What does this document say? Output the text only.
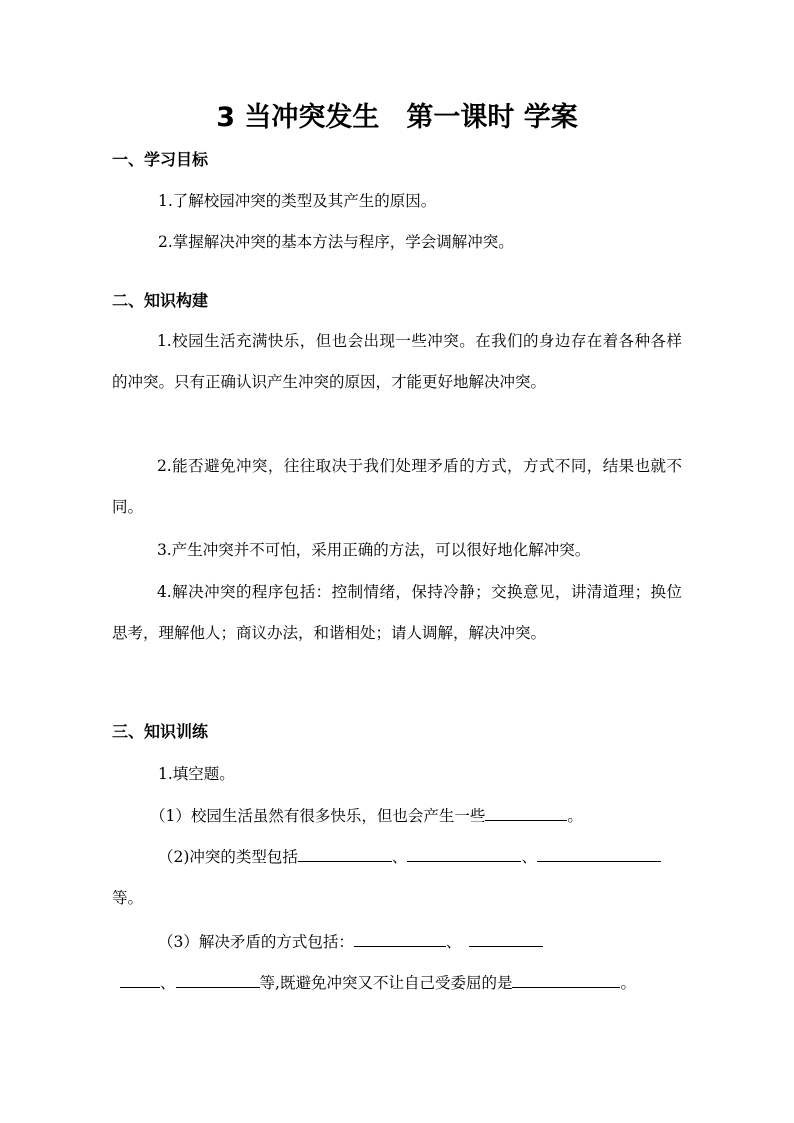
3 当冲突发生　第一课时 学案
一、学习目标
1.了解校园冲突的类型及其产生的原因。
2.掌握解决冲突的基本方法与程序，学会调解冲突。
二、知识构建
1.校园生活充满快乐，但也会出现一些冲突。在我们的身边存在着各种各样的冲突。只有正确认识产生冲突的原因，才能更好地解决冲突。
2.能否避免冲突，往往取决于我们处理矛盾的方式，方式不同，结果也就不同。
3.产生冲突并不可怕，采用正确的方法，可以很好地化解冲突。
4.解决冲突的程序包括：控制情绪，保持冷静；交换意见，讲清道理；换位思考，理解他人；商议办法，和谐相处；请人调解，解决冲突。
三、知识训练
1.填空题。
（1）校园生活虽然有很多快乐，但也会产生一些	。
（2)冲突的类型包括	、	、
等。
（3）解决矛盾的方式包括：	、
、	等,既避免冲突又不让自己受委屈的是	。
